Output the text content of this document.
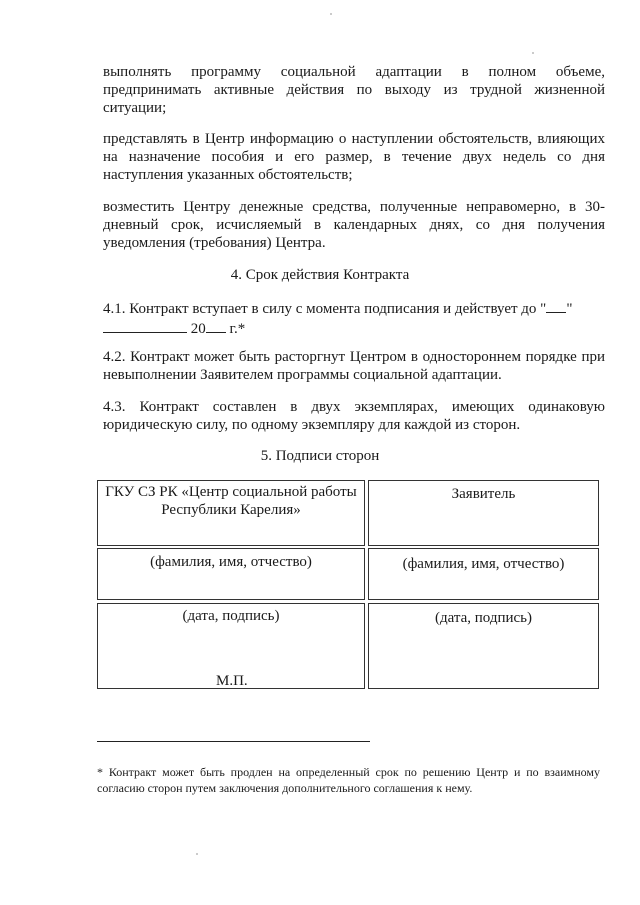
выполнять программу социальной адаптации в полном объеме, предпринимать активные действия по выходу из трудной жизненной ситуации;

представлять в Центр информацию о наступлении обстоятельств, влияющих на назначение пособия и его размер, в течение двух недель со дня наступления указанных обстоятельств;

возместить Центру денежные средства, полученные неправомерно, в 30-дневный срок, исчисляемый в календарных днях, со дня получения уведомления (требования) Центра.

4. Срок действия Контракта

4.1. Контракт вступает в силу с момента подписания и действует до " "
20 г.*

4.2. Контракт может быть расторгнут Центром в одностороннем порядке при невыполнении Заявителем программы социальной адаптации.

4.3. Контракт составлен в двух экземплярах, имеющих одинаковую юридическую силу, по одному экземпляру для каждой из сторон.

5. Подписи сторон

ГКУ СЗ РК «Центр социальной работы
Республики Карелия»
Заявитель
(фамилия, имя, отчество)	(фамилия, имя, отчество)
(дата, подпись)	(дата, подпись)
М.П.

* Контракт может быть продлен на определенный срок по решению Центр и по взаимному согласию сторон путем заключения дополнительного соглашения к нему.
